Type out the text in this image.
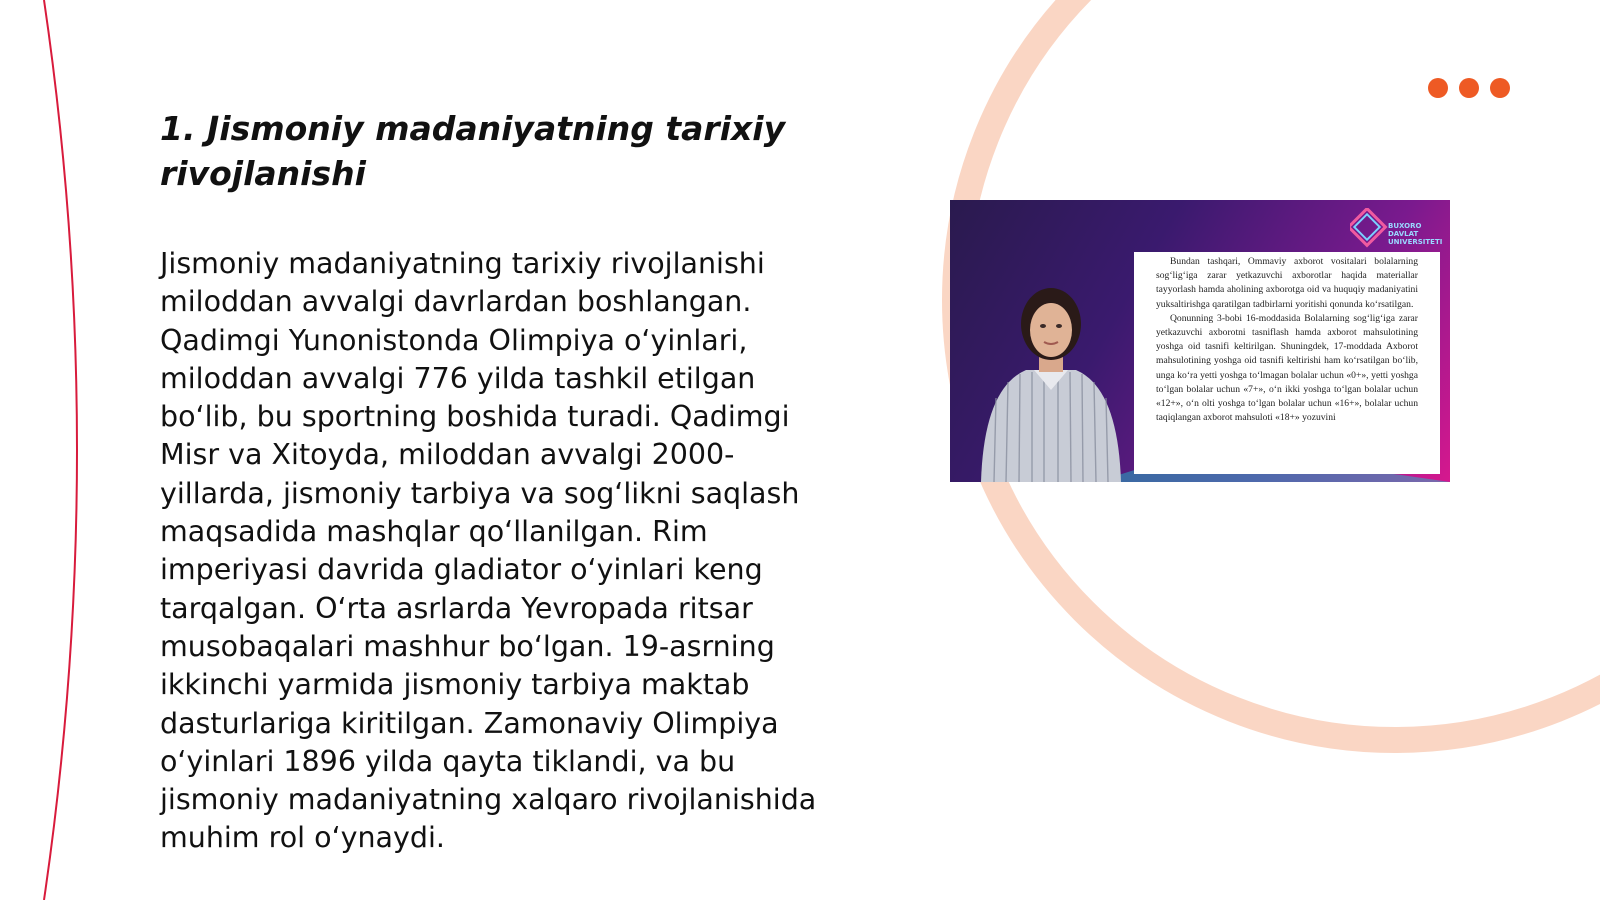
1. Jismoniy madaniyatning tarixiy rivojlanishi

Jismoniy madaniyatning tarixiy rivojlanishi miloddan avvalgi davrlardan boshlangan. Qadimgi Yunonistonda Olimpiya o‘yinlari, miloddan avvalgi 776 yilda tashkil etilgan bo‘lib, bu sportning boshida turadi. Qadimgi Misr va Xitoyda, miloddan avvalgi 2000-yillarda, jismoniy tarbiya va sog‘likni saqlash maqsadida mashqlar qo‘llanilgan. Rim imperiyasi davrida gladiator o‘yinlari keng tarqalgan. O‘rta asrlarda Yevropada ritsar musobaqalari mashhur bo‘lgan. 19-asrning ikkinchi yarmida jismoniy tarbiya maktab dasturlariga kiritilgan. Zamonaviy Olimpiya o‘yinlari 1896 yilda qayta tiklandi, va bu jismoniy madaniyatning xalqaro rivojlanishida muhim rol o‘ynaydi.

BUXORO DAVLAT UNIVERSITETI

Bundan tashqari, Ommaviy axborot vositalari bolalarning sog‘lig‘iga zarar yetkazuvchi axborotlar haqida materiallar tayyorlash hamda aholining axborotga oid va huquqiy madaniyatini yuksaltirishga qaratilgan tadbirlarni yoritishi qonunda ko‘rsatilgan.

Qonunning 3-bobi 16-moddasida Bolalarning sog‘lig‘iga zarar yetkazuvchi axborotni tasniflash hamda axborot mahsulotining yoshga oid tasnifi keltirilgan. Shuningdek, 17-moddada Axborot mahsulotining yoshga oid tasnifi keltirishi ham ko‘rsatilgan bo‘lib, unga ko‘ra yetti yoshga to‘lmagan bolalar uchun «0+», yetti yoshga to‘lgan bolalar uchun «7+», o‘n ikki yoshga to‘lgan bolalar uchun «12+», o‘n olti yoshga to‘lgan bolalar uchun «16+», bolalar uchun taqiqlangan axborot mahsuloti «18+» yozuvini
